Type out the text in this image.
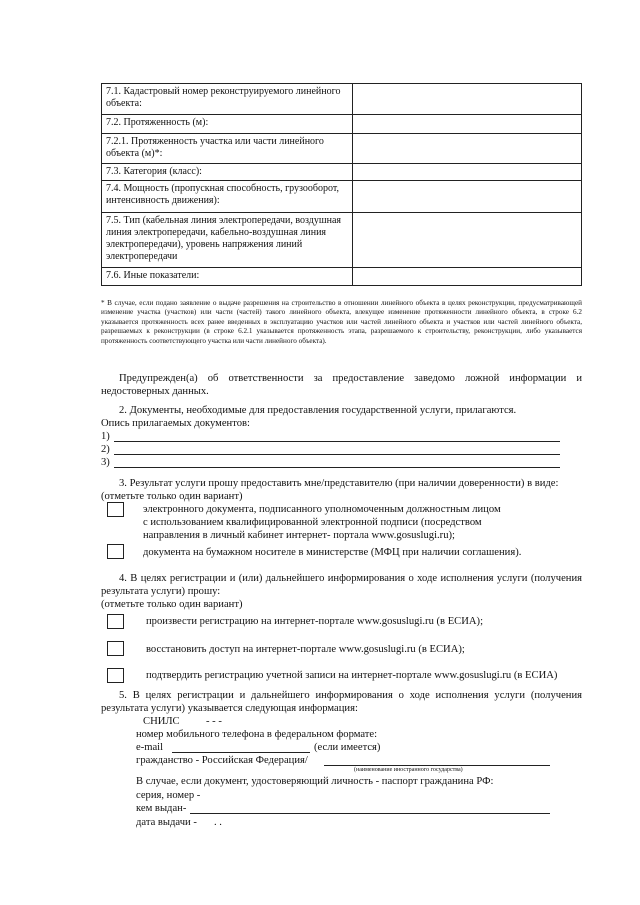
7.1. Кадастровый номер реконструируемого линейного объекта:	
7.2. Протяженность (м):	
7.2.1. Протяженность участка или части линейного объекта (м)*:	
7.3. Категория (класс):	
7.4. Мощность (пропускная способность, грузооборот, интенсивность движения):	
7.5. Тип (кабельная линия электропередачи, воздушная линия электропередачи, кабельно-воздушная линия электропередачи), уровень напряжения линий электропередачи	
7.6. Иные показатели:	
* В случае, если подано заявление о выдаче разрешения на строительство в отношении линейного объекта в целях реконструкции, предусматривающей изменение участка (участков) или части (частей) такого линейного объекта, влекущее изменение протяженности линейного объекта, в строке 6.2 указывается протяженность всех ранее введенных в эксплуатацию участков или частей линейного объекта и участков или частей линейного объекта, разрешаемых к реконструкции (в строке 6.2.1 указывается протяженность этапа, разрешаемого к строительству, реконструкции, либо указывается протяженность соответствующего участка или части линейного объекта).
Предупрежден(а) об ответственности за предоставление заведомо ложной информации и недостоверных данных.
2. Документы, необходимые для предоставления государственной услуги, прилагаются.
Опись прилагаемых документов:
1)
2)
3)
3. Результат услуги прошу предоставить мне/представителю (при наличии доверенности) в виде:
(отметьте только один вариант)
электронного документа, подписанного уполномоченным должностным лицом
с использованием квалифицированной электронной подписи (посредством
направления в личный кабинет интернет- портала www.gosuslugi.ru);
документа на бумажном носителе в министерстве (МФЦ при наличии соглашения).
4. В целях регистрации и (или) дальнейшего информирования о ходе исполнения услуги (получения результата услуги) прошу:
(отметьте только один вариант)
произвести регистрацию на интернет-портале www.gosuslugi.ru (в ЕСИА);
восстановить доступ на интернет-портале www.gosuslugi.ru (в ЕСИА);
подтвердить регистрацию учетной записи на интернет-портале www.gosuslugi.ru (в ЕСИА)
5. В целях регистрации и дальнейшего информирования о ходе исполнения услуги (получения результата услуги) указывается следующая информация:
СНИЛС - - -
номер мобильного телефона в федеральном формате:
e-mail	(если имеется)
гражданство - Российская Федерация/
(наименование иностранного государства)
В случае, если документ, удостоверяющий личность - паспорт гражданина РФ:
серия, номер -
кем выдан-
дата выдачи - . .
